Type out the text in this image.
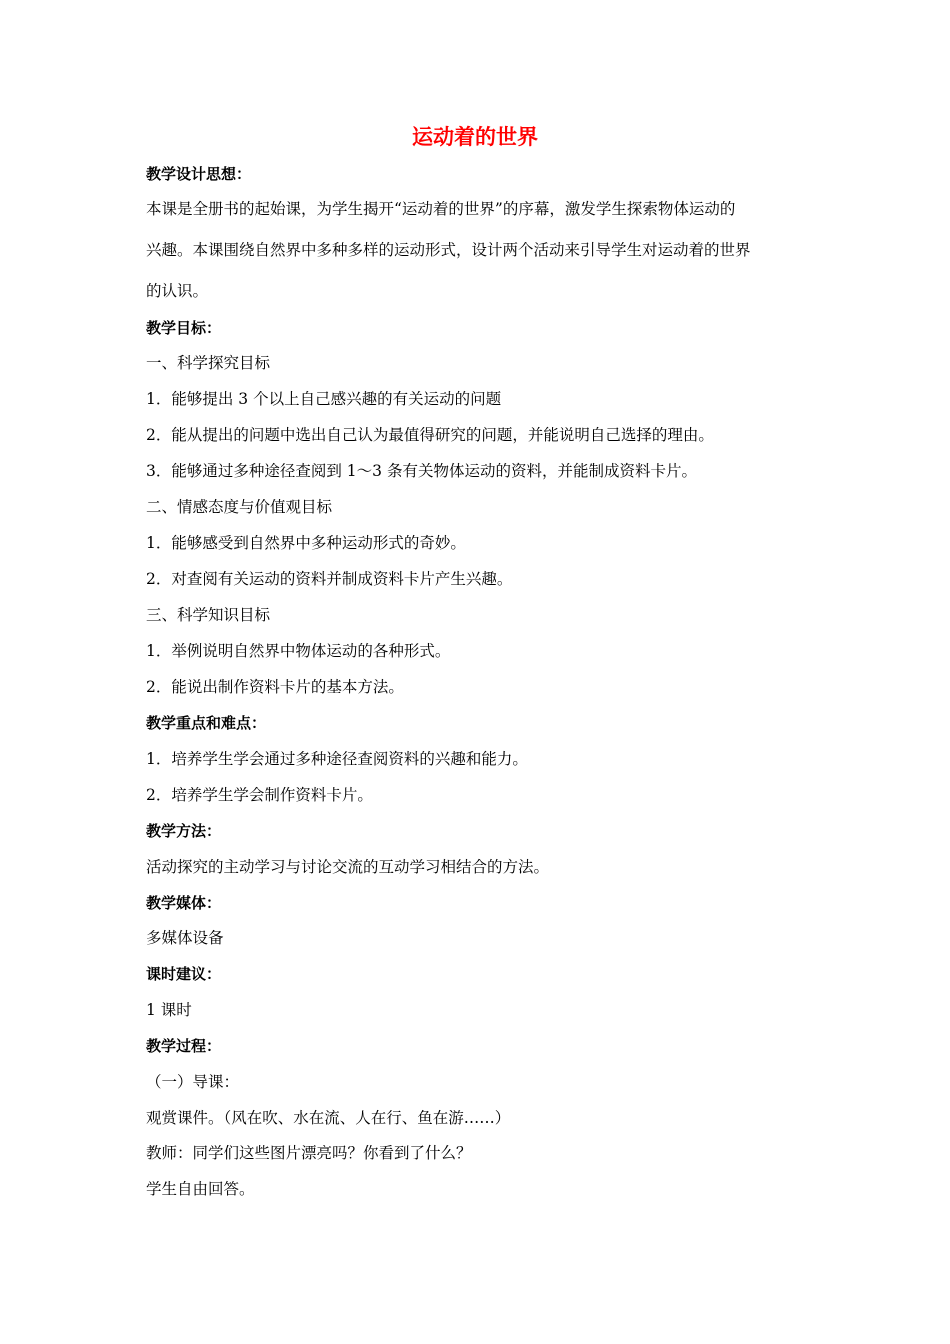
运动着的世界
教学设计思想：
本课是全册书的起始课，为学生揭开“运动着的世界”的序幕，激发学生探索物体运动的
兴趣。本课围绕自然界中多种多样的运动形式，设计两个活动来引导学生对运动着的世界
的认识。
教学目标：
一、科学探究目标
1．能够提出 3 个以上自己感兴趣的有关运动的问题
2．能从提出的问题中选出自己认为最值得研究的问题，并能说明自己选择的理由。
3．能够通过多种途径查阅到 1～3 条有关物体运动的资料，并能制成资料卡片。
二、情感态度与价值观目标
1．能够感受到自然界中多种运动形式的奇妙。
2．对查阅有关运动的资料并制成资料卡片产生兴趣。
三、科学知识目标
1．举例说明自然界中物体运动的各种形式。
2．能说出制作资料卡片的基本方法。
教学重点和难点：
1．培养学生学会通过多种途径查阅资料的兴趣和能力。
2．培养学生学会制作资料卡片。
教学方法：
活动探究的主动学习与讨论交流的互动学习相结合的方法。
教学媒体：
多媒体设备
课时建议：
1 课时
教学过程：
（一）导课：
观赏课件。（风在吹、水在流、人在行、鱼在游……）
教师：同学们这些图片漂亮吗？你看到了什么？
学生自由回答。
